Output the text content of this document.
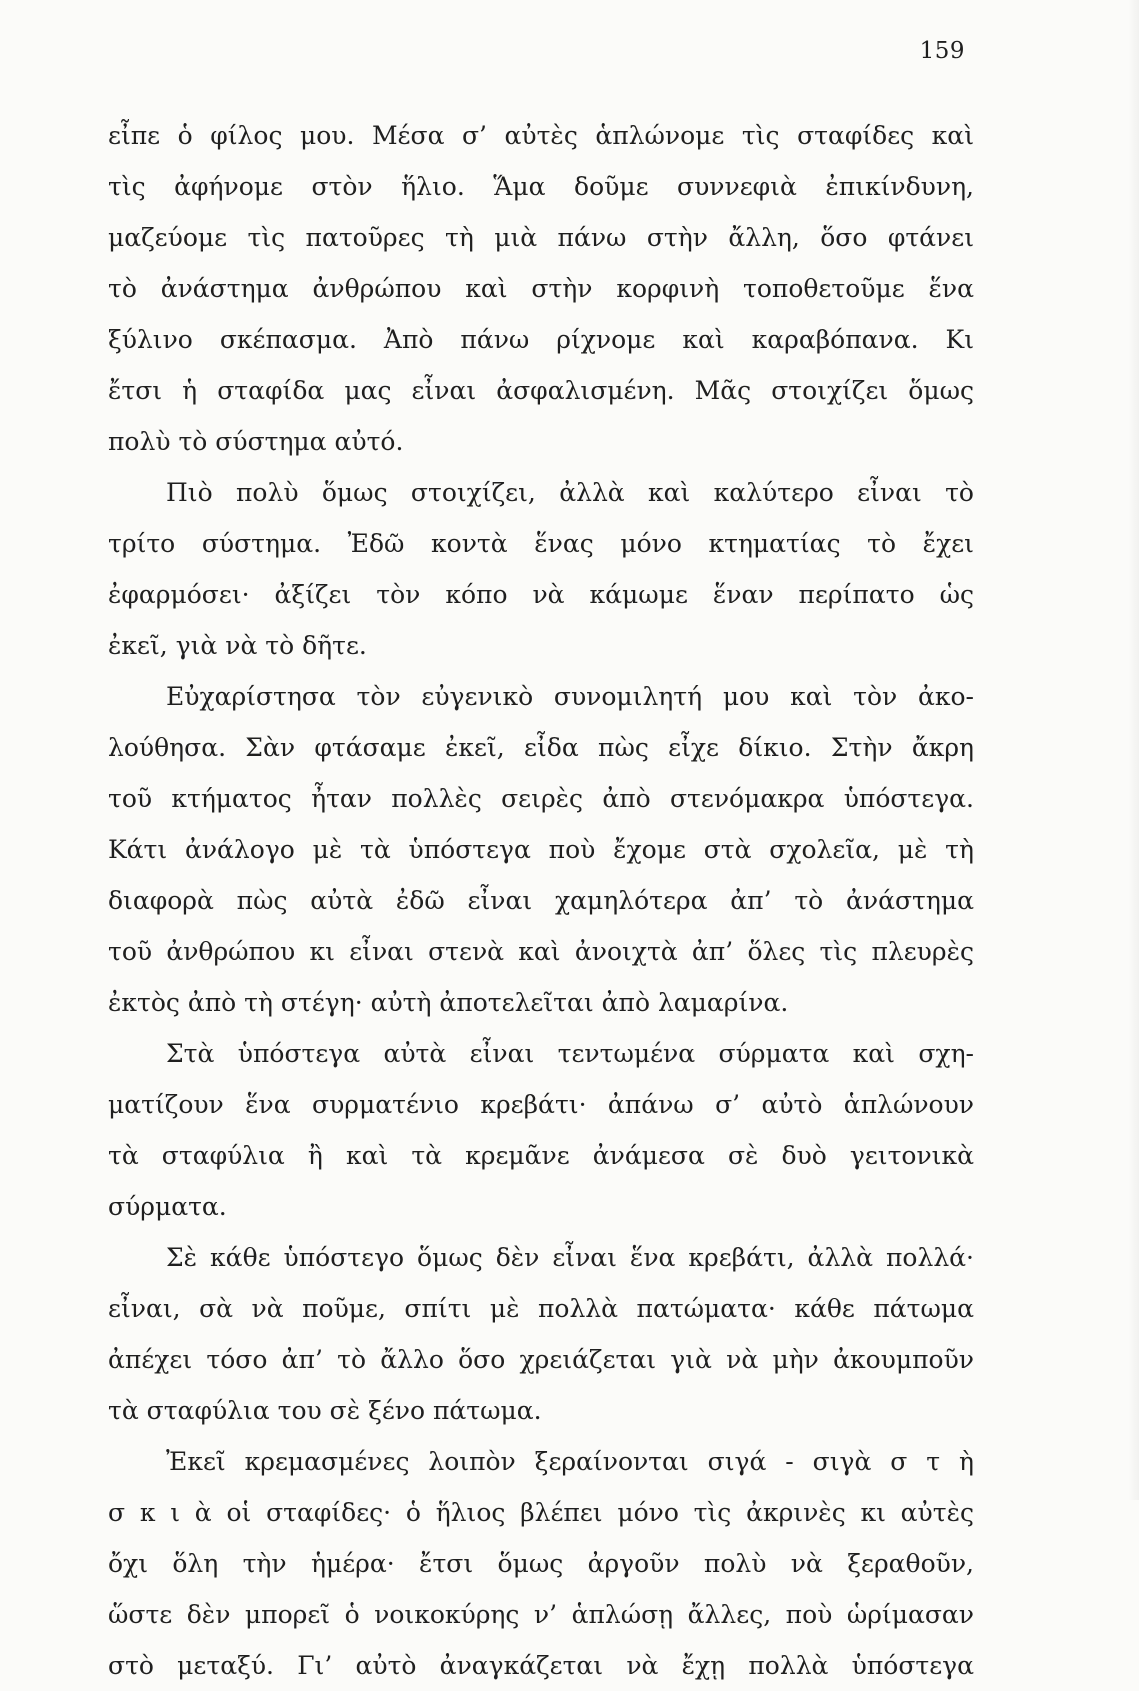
159
εἶπε ὁ φίλος μου. Μέσα σ’ αὐτὲς ἁπλώνομε τὶς σταφίδες καὶ
τὶς ἀφήνομε στὸν ἥλιο. Ἅμα δοῦμε συννεφιὰ ἐπικίνδυνη,
μαζεύομε τὶς πατοῦρες τὴ μιὰ πάνω στὴν ἄλλη, ὅσο φτάνει
τὸ ἀνάστημα ἀνθρώπου καὶ στὴν κορφινὴ τοποθετοῦμε ἕνα
ξύλινο σκέπασμα. Ἀπὸ πάνω ρίχνομε καὶ καραβόπανα. Κι
ἔτσι ἡ σταφίδα μας εἶναι ἀσφαλισμένη. Μᾶς στοιχίζει ὅμως
πολὺ τὸ σύστημα αὐτό.
Πιὸ πολὺ ὅμως στοιχίζει, ἀλλὰ καὶ καλύτερο εἶναι τὸ
τρίτο σύστημα. Ἐδῶ κοντὰ ἕνας μόνο κτηματίας τὸ ἔχει
ἐφαρμόσει· ἀξίζει τὸν κόπο νὰ κάμωμε ἕναν περίπατο ὡς
ἐκεῖ, γιὰ νὰ τὸ δῆτε.
Εὐχαρίστησα τὸν εὐγενικὸ συνομιλητή μου καὶ τὸν ἀκο-
λούθησα. Σὰν φτάσαμε ἐκεῖ, εἶδα πὼς εἶχε δίκιο. Στὴν ἄκρη
τοῦ κτήματος ἦταν πολλὲς σειρὲς ἀπὸ στενόμακρα ὑπόστεγα.
Κάτι ἀνάλογο μὲ τὰ ὑπόστεγα ποὺ ἔχομε στὰ σχολεῖα, μὲ τὴ
διαφορὰ πὼς αὐτὰ ἐδῶ εἶναι χαμηλότερα ἀπ’ τὸ ἀνάστημα
τοῦ ἀνθρώπου κι εἶναι στενὰ καὶ ἀνοιχτὰ ἀπ’ ὅλες τὶς πλευρὲς
ἐκτὸς ἀπὸ τὴ στέγη· αὐτὴ ἀποτελεῖται ἀπὸ λαμαρίνα.
Στὰ ὑπόστεγα αὐτὰ εἶναι τεντωμένα σύρματα καὶ σχη-
ματίζουν ἕνα συρματένιο κρεβάτι· ἀπάνω σ’ αὐτὸ ἁπλώνουν
τὰ σταφύλια ἢ καὶ τὰ κρεμᾶνε ἀνάμεσα σὲ δυὸ γειτονικὰ
σύρματα.
Σὲ κάθε ὑπόστεγο ὅμως δὲν εἶναι ἕνα κρεβάτι, ἀλλὰ πολλά·
εἶναι, σὰ νὰ ποῦμε, σπίτι μὲ πολλὰ πατώματα· κάθε πάτωμα
ἀπέχει τόσο ἀπ’ τὸ ἄλλο ὅσο χρειάζεται γιὰ νὰ μὴν ἀκουμποῦν
τὰ σταφύλια του σὲ ξένο πάτωμα.
Ἐκεῖ κρεμασμένες λοιπὸν ξεραίνονται σιγά - σιγὰ σ τ ὴ
σ κ ι ὰ οἱ σταφίδες· ὁ ἥλιος βλέπει μόνο τὶς ἀκρινὲς κι αὐτὲς
ὄχι ὅλη τὴν ἡμέρα· ἔτσι ὅμως ἀργοῦν πολὺ νὰ ξεραθοῦν,
ὥστε δὲν μπορεῖ ὁ νοικοκύρης ν’ ἁπλώσῃ ἄλλες, ποὺ ὡρίμασαν
στὸ μεταξύ. Γι’ αὐτὸ ἀναγκάζεται νὰ ἔχῃ πολλὰ ὑπόστεγα
